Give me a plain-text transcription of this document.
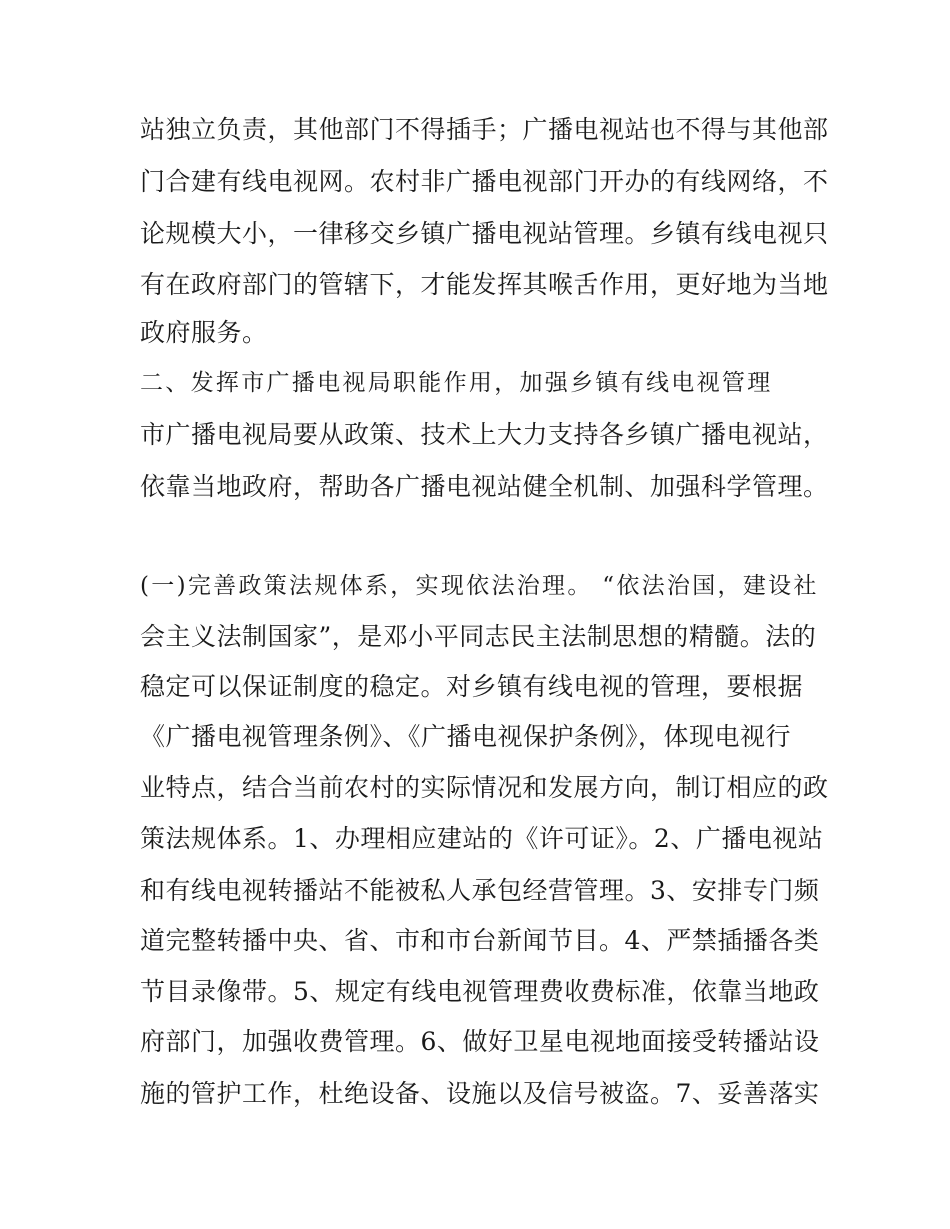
站独立负责，其他部门不得插手；广播电视站也不得与其他部
门合建有线电视网。农村非广播电视部门开办的有线网络，不
论规模大小，一律移交乡镇广播电视站管理。乡镇有线电视只
有在政府部门的管辖下，才能发挥其喉舌作用，更好地为当地
政府服务。
二、发挥市广播电视局职能作用，加强乡镇有线电视管理
市广播电视局要从政策、技术上大力支持各乡镇广播电视站，
依靠当地政府，帮助各广播电视站健全机制、加强科学管理。
(一)完善政策法规体系，实现依法治理。 “依法治国，建设社
会主义法制国家”，是邓小平同志民主法制思想的精髓。法的
稳定可以保证制度的稳定。对乡镇有线电视的管理，要根据
《广播电视管理条例》、《广播电视保护条例》，体现电视行
业特点，结合当前农村的实际情况和发展方向，制订相应的政
策法规体系。1、办理相应建站的《许可证》。2、广播电视站
和有线电视转播站不能被私人承包经营管理。3、安排专门频
道完整转播中央、省、市和市台新闻节目。4、严禁插播各类
节目录像带。5、规定有线电视管理费收费标准，依靠当地政
府部门，加强收费管理。6、做好卫星电视地面接受转播站设
施的管护工作，杜绝设备、设施以及信号被盗。7、妥善落实
